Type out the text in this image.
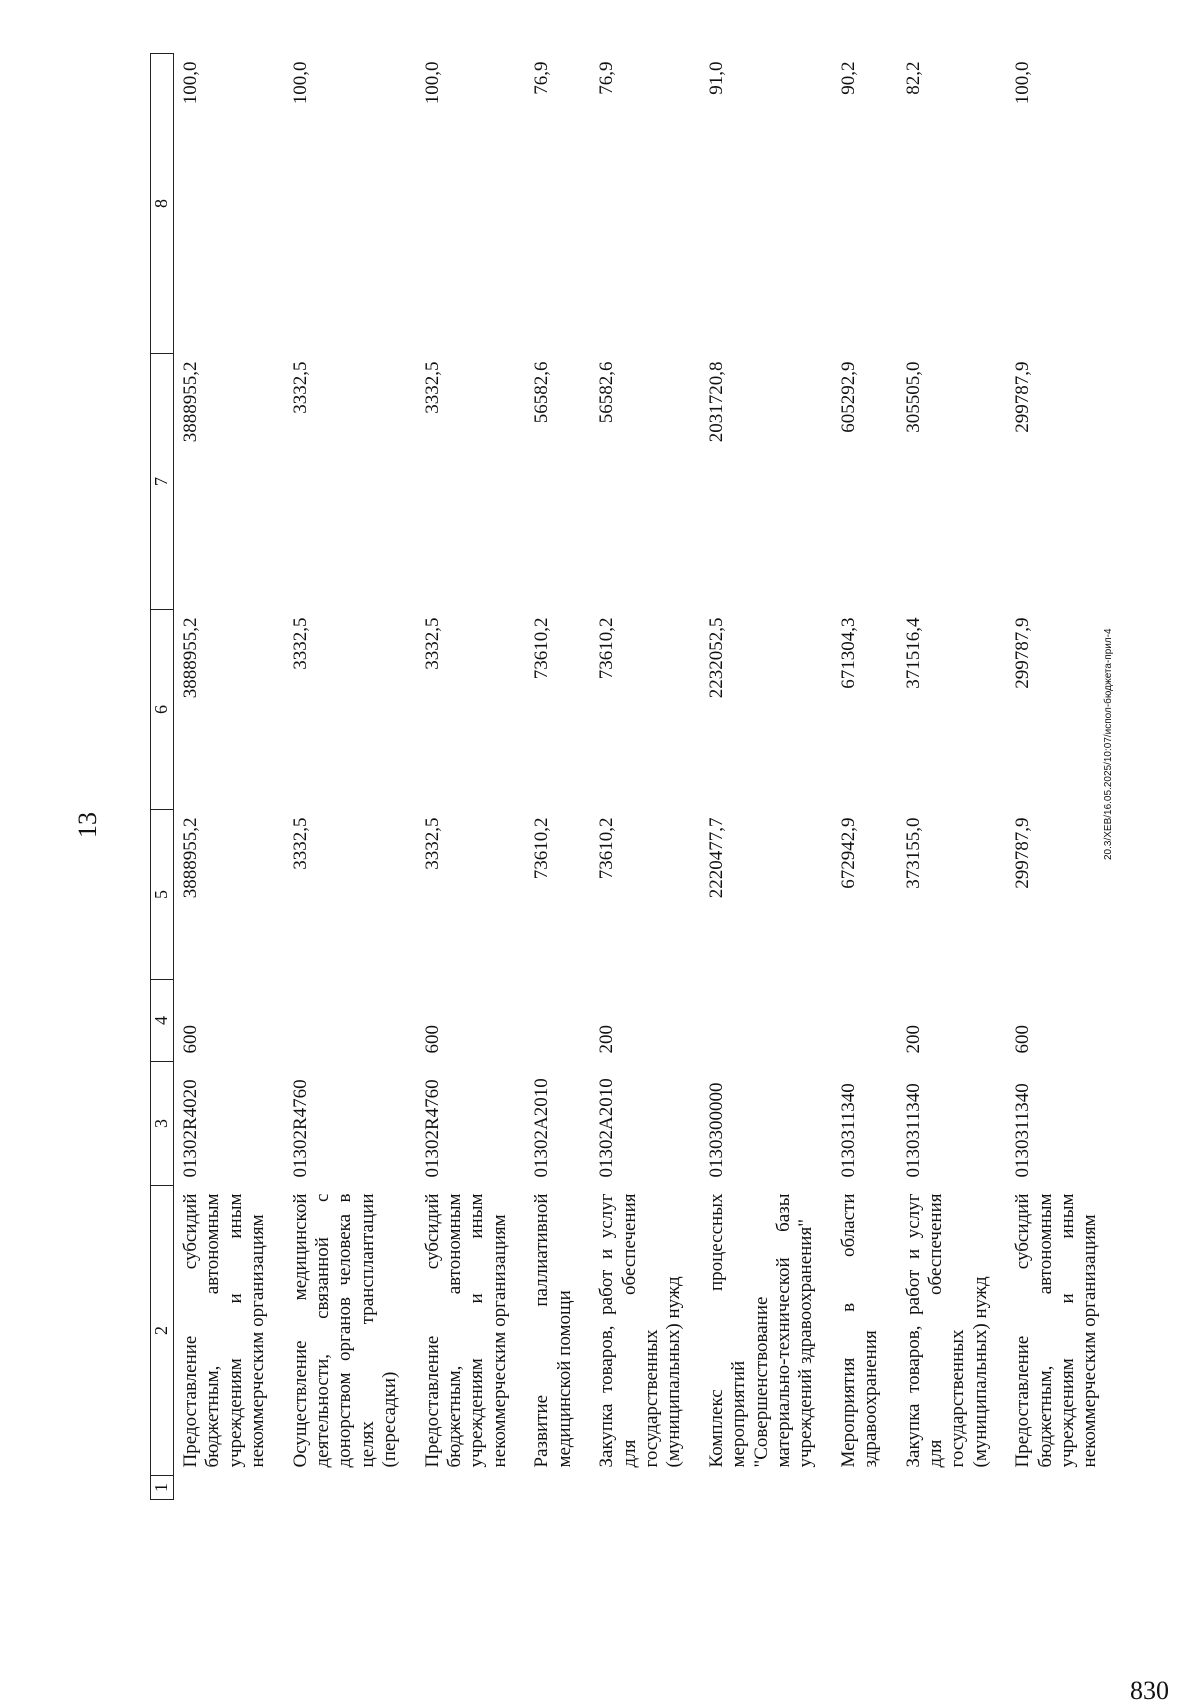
13
1	2	3	4	5	6	7	8
	Предоставление субсидий бюджетным, автономным учреждениям и иным некоммерческим организациям	01302R4020	600	3888955,2	3888955,2	3888955,2	100,0
	Осуществление медицинской деятельности, связанной с донорством органов человека в целях трансплантации (пересадки)	01302R4760		3332,5	3332,5	3332,5	100,0
	Предоставление субсидий бюджетным, автономным учреждениям и иным некоммерческим организациям	01302R4760	600	3332,5	3332,5	3332,5	100,0
	Развитие паллиативной медицинской помощи	01302A2010		73610,2	73610,2	56582,6	76,9
	Закупка товаров, работ и услуг для обеспечения государственных (муниципальных) нужд	01302A2010	200	73610,2	73610,2	56582,6	76,9
	Комплекс процессных мероприятий "Совершенствование материально-технической базы учреждений здравоохранения"	0130300000		2220477,7	2232052,5	2031720,8	91,0
	Мероприятия в области здравоохранения	0130311340		672942,9	671304,3	605292,9	90,2
	Закупка товаров, работ и услуг для обеспечения государственных (муниципальных) нужд	0130311340	200	373155,0	371516,4	305505,0	82,2
	Предоставление субсидий бюджетным, автономным учреждениям и иным некоммерческим организациям	0130311340	600	299787,9	299787,9	299787,9	100,0
20.3/ХЕВ/16.05.2025/10:07/испол-бюджета-прил-4
830
